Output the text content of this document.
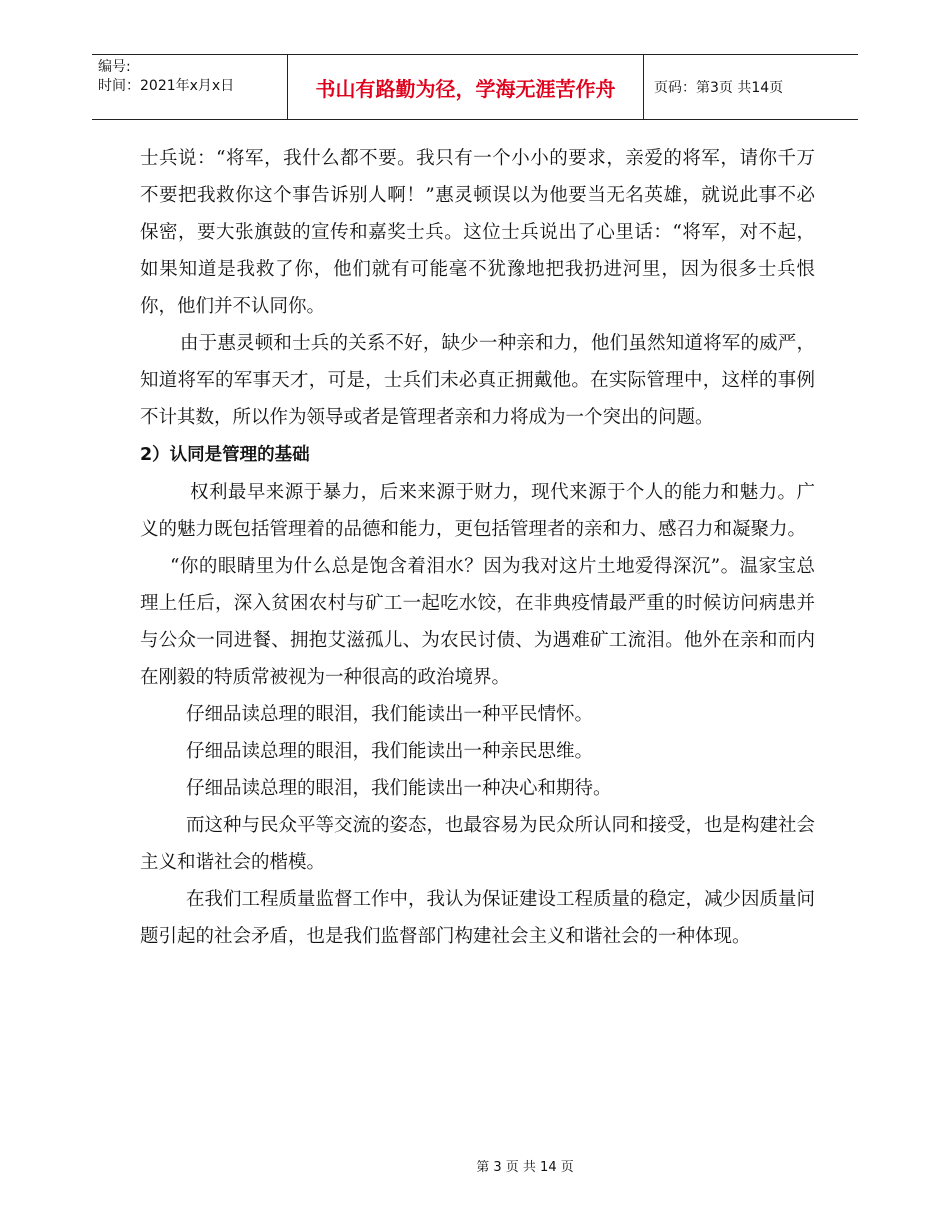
编号:
时间：2021年x月x日	书山有路勤为径，学海无涯苦作舟	页码：第3页 共14页

士兵说：“将军，我什么都不要。我只有一个小小的要求，亲爱的将军，请你千万不要把我救你这个事告诉别人啊！”惠灵顿误以为他要当无名英雄，就说此事不必保密，要大张旗鼓的宣传和嘉奖士兵。这位士兵说出了心里话：“将军，对不起，如果知道是我救了你，他们就有可能毫不犹豫地把我扔进河里，因为很多士兵恨你，他们并不认同你。

由于惠灵顿和士兵的关系不好，缺少一种亲和力，他们虽然知道将军的威严，知道将军的军事天才，可是，士兵们未必真正拥戴他。在实际管理中，这样的事例不计其数，所以作为领导或者是管理者亲和力将成为一个突出的问题。

2）认同是管理的基础

权利最早来源于暴力，后来来源于财力，现代来源于个人的能力和魅力。广义的魅力既包括管理着的品德和能力，更包括管理者的亲和力、感召力和凝聚力。

“你的眼睛里为什么总是饱含着泪水？因为我对这片土地爱得深沉”。温家宝总理上任后，深入贫困农村与矿工一起吃水饺，在非典疫情最严重的时候访问病患并与公众一同进餐、拥抱艾滋孤儿、为农民讨债、为遇难矿工流泪。他外在亲和而内在刚毅的特质常被视为一种很高的政治境界。

仔细品读总理的眼泪，我们能读出一种平民情怀。

仔细品读总理的眼泪，我们能读出一种亲民思维。

仔细品读总理的眼泪，我们能读出一种决心和期待。

而这种与民众平等交流的姿态，也最容易为民众所认同和接受，也是构建社会主义和谐社会的楷模。

在我们工程质量监督工作中，我认为保证建设工程质量的稳定，减少因质量问题引起的社会矛盾，也是我们监督部门构建社会主义和谐社会的一种体现。

第 3 页 共 14 页
